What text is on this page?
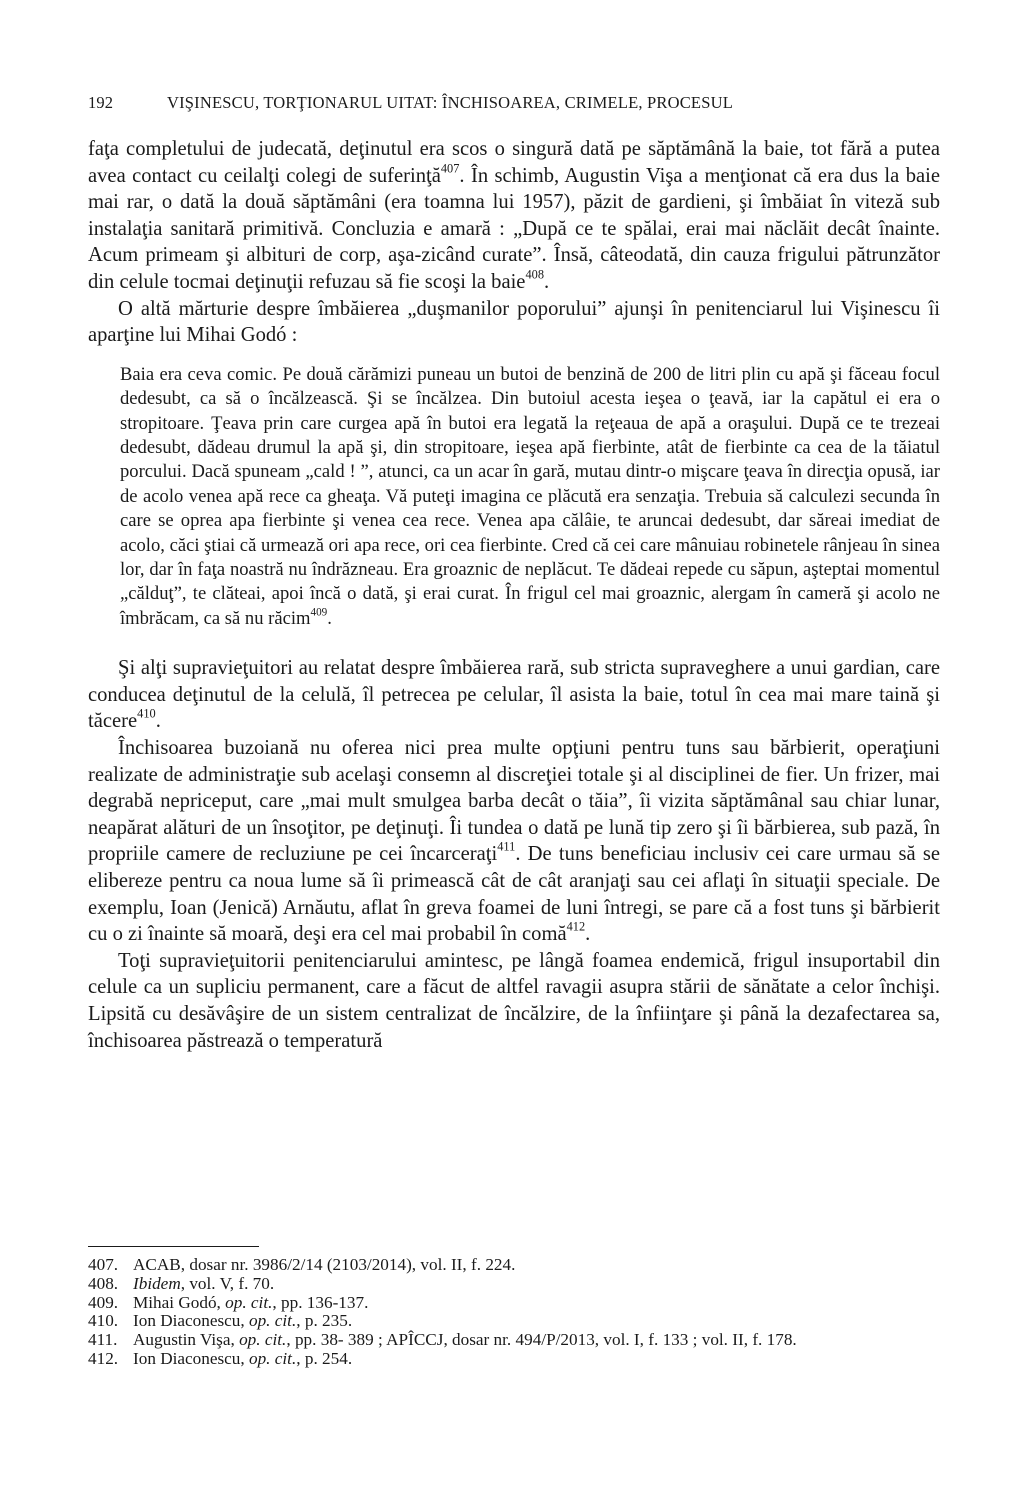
192	VIŞINESCU, TORŢIONARUL UITAT: ÎNCHISOAREA, CRIMELE, PROCESUL

faţa completului de judecată, deţinutul era scos o singură dată pe săptămână la baie, tot fără a putea avea contact cu ceilalţi colegi de suferinţă$^{407}$. În schimb, Augustin Vişa a menţionat că era dus la baie mai rar, o dată la două săptămâni (era toamna lui 1957), păzit de gardieni, şi îmbăiat în viteză sub instalaţia sanitară primitivă. Concluzia e amară : „După ce te spălai, erai mai năclăit decât înainte. Acum primeam şi albituri de corp, aşa-zicând curate”. Însă, câteodată, din cauza frigului pătrunzător din celule tocmai deţinuţii refuzau să fie scoşi la baie$^{408}$.

O altă mărturie despre îmbăierea „duşmanilor poporului” ajunşi în penitenciarul lui Vişinescu îi aparţine lui Mihai Godó :

Baia era ceva comic. Pe două cărămizi puneau un butoi de benzină de 200 de litri plin cu apă şi făceau focul dedesubt, ca să o încălzească. Şi se încălzea. Din butoiul acesta ieşea o ţeavă, iar la capătul ei era o stropitoare. Ţeava prin care curgea apă în butoi era legată la reţeaua de apă a oraşului. După ce te trezeai dedesubt, dădeau drumul la apă şi, din stropitoare, ieşea apă fierbinte, atât de fierbinte ca cea de la tăiatul porcului. Dacă spuneam „cald ! ”, atunci, ca un acar în gară, mutau dintr-o mişcare ţeava în direcţia opusă, iar de acolo venea apă rece ca gheaţa. Vă puteţi imagina ce plăcută era senzaţia. Trebuia să calculezi secunda în care se oprea apa fierbinte şi venea cea rece. Venea apa călâie, te aruncai dedesubt, dar săreai imediat de acolo, căci ştiai că urmează ori apa rece, ori cea fierbinte. Cred că cei care mânuiau robinetele rânjeau în sinea lor, dar în faţa noastră nu îndrăzneau. Era groaznic de neplăcut. Te dădeai repede cu săpun, aşteptai momentul „călduţ”, te clăteai, apoi încă o dată, şi erai curat. În frigul cel mai groaznic, alergam în cameră şi acolo ne îmbrăcam, ca să nu răcim$^{409}$.

Şi alţi supravieţuitori au relatat despre îmbăierea rară, sub stricta supraveghere a unui gardian, care conducea deţinutul de la celulă, îl petrecea pe celular, îl asista la baie, totul în cea mai mare taină şi tăcere$^{410}$.

Închisoarea buzoiană nu oferea nici prea multe opţiuni pentru tuns sau bărbierit, operaţiuni realizate de administraţie sub acelaşi consemn al discreţiei totale şi al disciplinei de fier. Un frizer, mai degrabă nepriceput, care „mai mult smulgea barba decât o tăia”, îi vizita săptămânal sau chiar lunar, neapărat alături de un însoţitor, pe deţinuţi. Îi tundea o dată pe lună tip zero şi îi bărbierea, sub pază, în propriile camere de recluziune pe cei încarceraţi$^{411}$. De tuns beneficiau inclusiv cei care urmau să se elibereze pentru ca noua lume să îi primească cât de cât aranjaţi sau cei aflaţi în situaţii speciale. De exemplu, Ioan (Jenică) Arnăutu, aflat în greva foamei de luni întregi, se pare că a fost tuns şi bărbierit cu o zi înainte să moară, deşi era cel mai probabil în comă$^{412}$.

Toţi supravieţuitorii penitenciarului amintesc, pe lângă foamea endemică, frigul insuportabil din celule ca un supliciu permanent, care a făcut de altfel ravagii asupra stării de sănătate a celor închişi. Lipsită cu desăvâşire de un sistem centralizat de încălzire, de la înfiinţare şi până la dezafectarea sa, închisoarea păstrează o temperatură

407. ACAB, dosar nr. 3986/2/14 (2103/2014), vol. II, f. 224.
408. Ibidem, vol. V, f. 70.
409. Mihai Godó, op. cit., pp. 136-137.
410. Ion Diaconescu, op. cit., p. 235.
411. Augustin Vişa, op. cit., pp. 38- 389 ; APÎCCJ, dosar nr. 494/P/2013, vol. I, f. 133 ; vol. II, f. 178.
412. Ion Diaconescu, op. cit., p. 254.
